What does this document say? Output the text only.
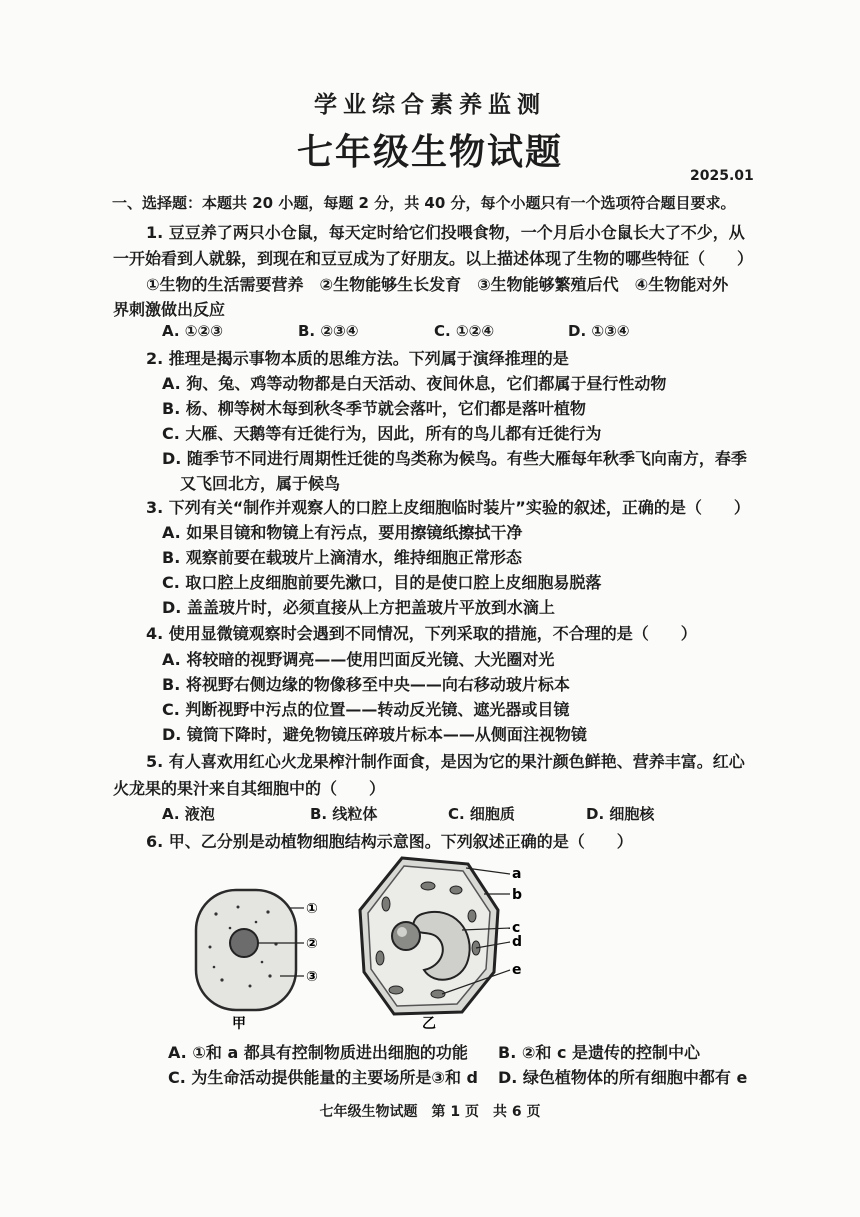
学业综合素养监测
七年级生物试题
2025.01
一、选择题：本题共 20 小题，每题 2 分，共 40 分，每个小题只有一个选项符合题目要求。
1. 豆豆养了两只小仓鼠，每天定时给它们投喂食物，一个月后小仓鼠长大了不少，从
一开始看到人就躲，到现在和豆豆成为了好朋友。以上描述体现了生物的哪些特征（　　）
①生物的生活需要营养　②生物能够生长发育　③生物能够繁殖后代　④生物能对外
界刺激做出反应
A. ①②③	B. ②③④	C. ①②④	D. ①③④
2. 推理是揭示事物本质的思维方法。下列属于演绎推理的是
A. 狗、兔、鸡等动物都是白天活动、夜间休息，它们都属于昼行性动物
B. 杨、柳等树木每到秋冬季节就会落叶，它们都是落叶植物
C. 大雁、天鹅等有迁徙行为，因此，所有的鸟儿都有迁徙行为
D. 随季节不同进行周期性迁徙的鸟类称为候鸟。有些大雁每年秋季飞向南方，春季
又飞回北方，属于候鸟
3. 下列有关“制作并观察人的口腔上皮细胞临时装片”实验的叙述，正确的是（　　）
A. 如果目镜和物镜上有污点，要用擦镜纸擦拭干净
B. 观察前要在载玻片上滴清水，维持细胞正常形态
C. 取口腔上皮细胞前要先漱口，目的是使口腔上皮细胞易脱落
D. 盖盖玻片时，必须直接从上方把盖玻片平放到水滴上
4. 使用显微镜观察时会遇到不同情况，下列采取的措施，不合理的是（　　）
A. 将较暗的视野调亮——使用凹面反光镜、大光圈对光
B. 将视野右侧边缘的物像移至中央——向右移动玻片标本
C. 判断视野中污点的位置——转动反光镜、遮光器或目镜
D. 镜筒下降时，避免物镜压碎玻片标本——从侧面注视物镜
5. 有人喜欢用红心火龙果榨汁制作面食，是因为它的果汁颜色鲜艳、营养丰富。红心
火龙果的果汁来自其细胞中的（　　）
A. 液泡	B. 线粒体	C. 细胞质	D. 细胞核
6. 甲、乙分别是动植物细胞结构示意图。下列叙述正确的是（　　）
①
②
③
甲
a
b
c
d
e
乙
A. ①和 a 都具有控制物质进出细胞的功能 B. ②和 c 是遗传的控制中心
C. 为生命活动提供能量的主要场所是③和 d D. 绿色植物体的所有细胞中都有 e
七年级生物试题　第 1 页　共 6 页
